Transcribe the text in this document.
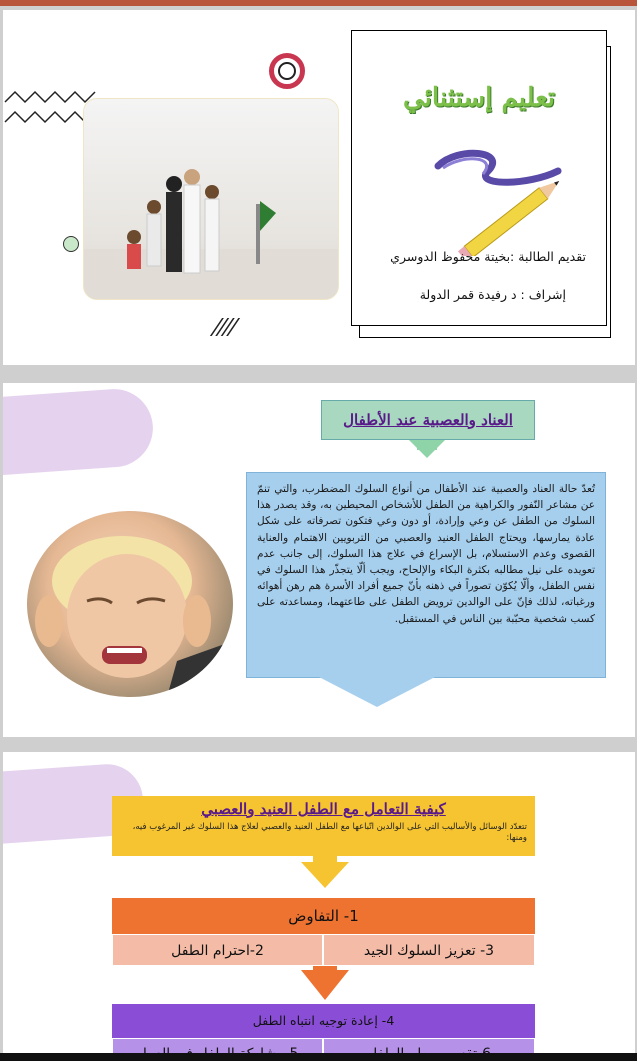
////
تعليم إستثنائي
تقديم الطالبة :بخيتة محفوظ الدوسري
إشراف : د رفيدة قمر الدولة
العناد والعصبية عند الأطفال
تُعدّ حالة العناد والعصبية عند الأطفال من أنواع السلوك المضطرب، والتي تنمّ عن مشاعر النّفور والكراهية من الطفل للأشخاص المحيطين به، وقد يصدر هذا السلوك من الطفل عن وعي وإرادة، أو دون وعي فتكون تصرفاته على شكل عادة يمارسها، ويحتاج الطفل العنيد والعصبي من التربويين الاهتمام والعناية القصوى وعدم الاستسلام، بل الإسراع في علاج هذا السلوك، إلى جانب عدم تعويده على نيل مطالبه بكثرة البكاء والإلحاح، ويجب ألّا يتجذّر هذا السلوك في نفس الطفل، وألّا يُكوّن تصوراً في ذهنه بأنّ جميع أفراد الأسرة هم رهن أهوائه ورغباته، لذلك فإنّ على الوالدين ترويض الطفل على طاعتهما، ومساعدته على كسب شخصية محبّبة بين الناس في المستقبل.
كيفية التعامل مع الطفل العنيد والعصبي
تتعدّد الوسائل والأساليب التي على الوالدين اتّباعها مع الطفل العنيد والعصبي لعلاج هذا السلوك غير المرغوب فيه، ومنها:
1- التفاوض
3- تعزيز السلوك الجيد
2-احترام الطفل
4- إعادة توجيه انتباه الطفل
